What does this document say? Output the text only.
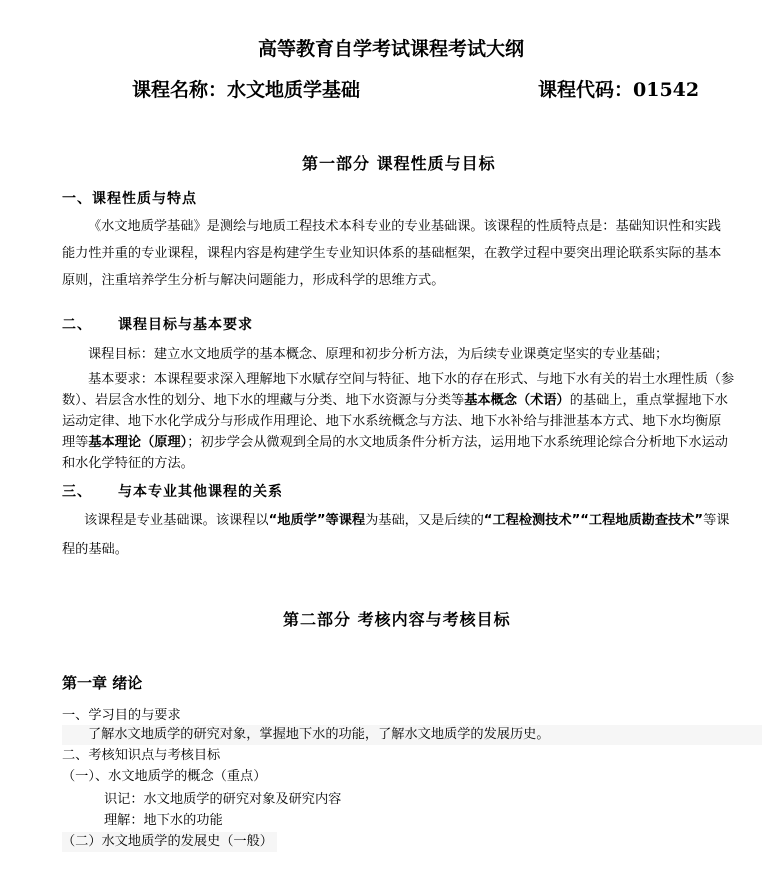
高等教育自学考试课程考试大纲
课程名称：水文地质学基础	课程代码：01542
第一部分 课程性质与目标
一、课程性质与特点
《水文地质学基础》是测绘与地质工程技术本科专业的专业基础课。该课程的性质特点是：基础知识性和实践
能力性并重的专业课程，课程内容是构建学生专业知识体系的基础框架，在教学过程中要突出理论联系实际的基本
原则，注重培养学生分析与解决问题能力，形成科学的思维方式。
二、 课程目标与基本要求
课程目标：建立水文地质学的基本概念、原理和初步分析方法，为后续专业课奠定坚实的专业基础；
基本要求：本课程要求深入理解地下水赋存空间与特征、地下水的存在形式、与地下水有关的岩土水理性质（参
数）、岩层含水性的划分、地下水的埋藏与分类、地下水资源与分类等基本概念（术语）的基础上，重点掌握地下水
运动定律、地下水化学成分与形成作用理论、地下水系统概念与方法、地下水补给与排泄基本方式、地下水均衡原
理等基本理论（原理）；初步学会从微观到全局的水文地质条件分析方法，运用地下水系统理论综合分析地下水运动
和水化学特征的方法。
三、 与本专业其他课程的关系
该课程是专业基础课。该课程以“地质学”等课程为基础，又是后续的“工程检测技术”“工程地质勘查技术”等课
程的基础。
第二部分 考核内容与考核目标
第一章 绪论
一、学习目的与要求
了解水文地质学的研究对象，掌握地下水的功能，了解水文地质学的发展历史。
二、考核知识点与考核目标
（一）、水文地质学的概念（重点）
识记：水文地质学的研究对象及研究内容
理解：地下水的功能
（二）水文地质学的发展史（一般）
